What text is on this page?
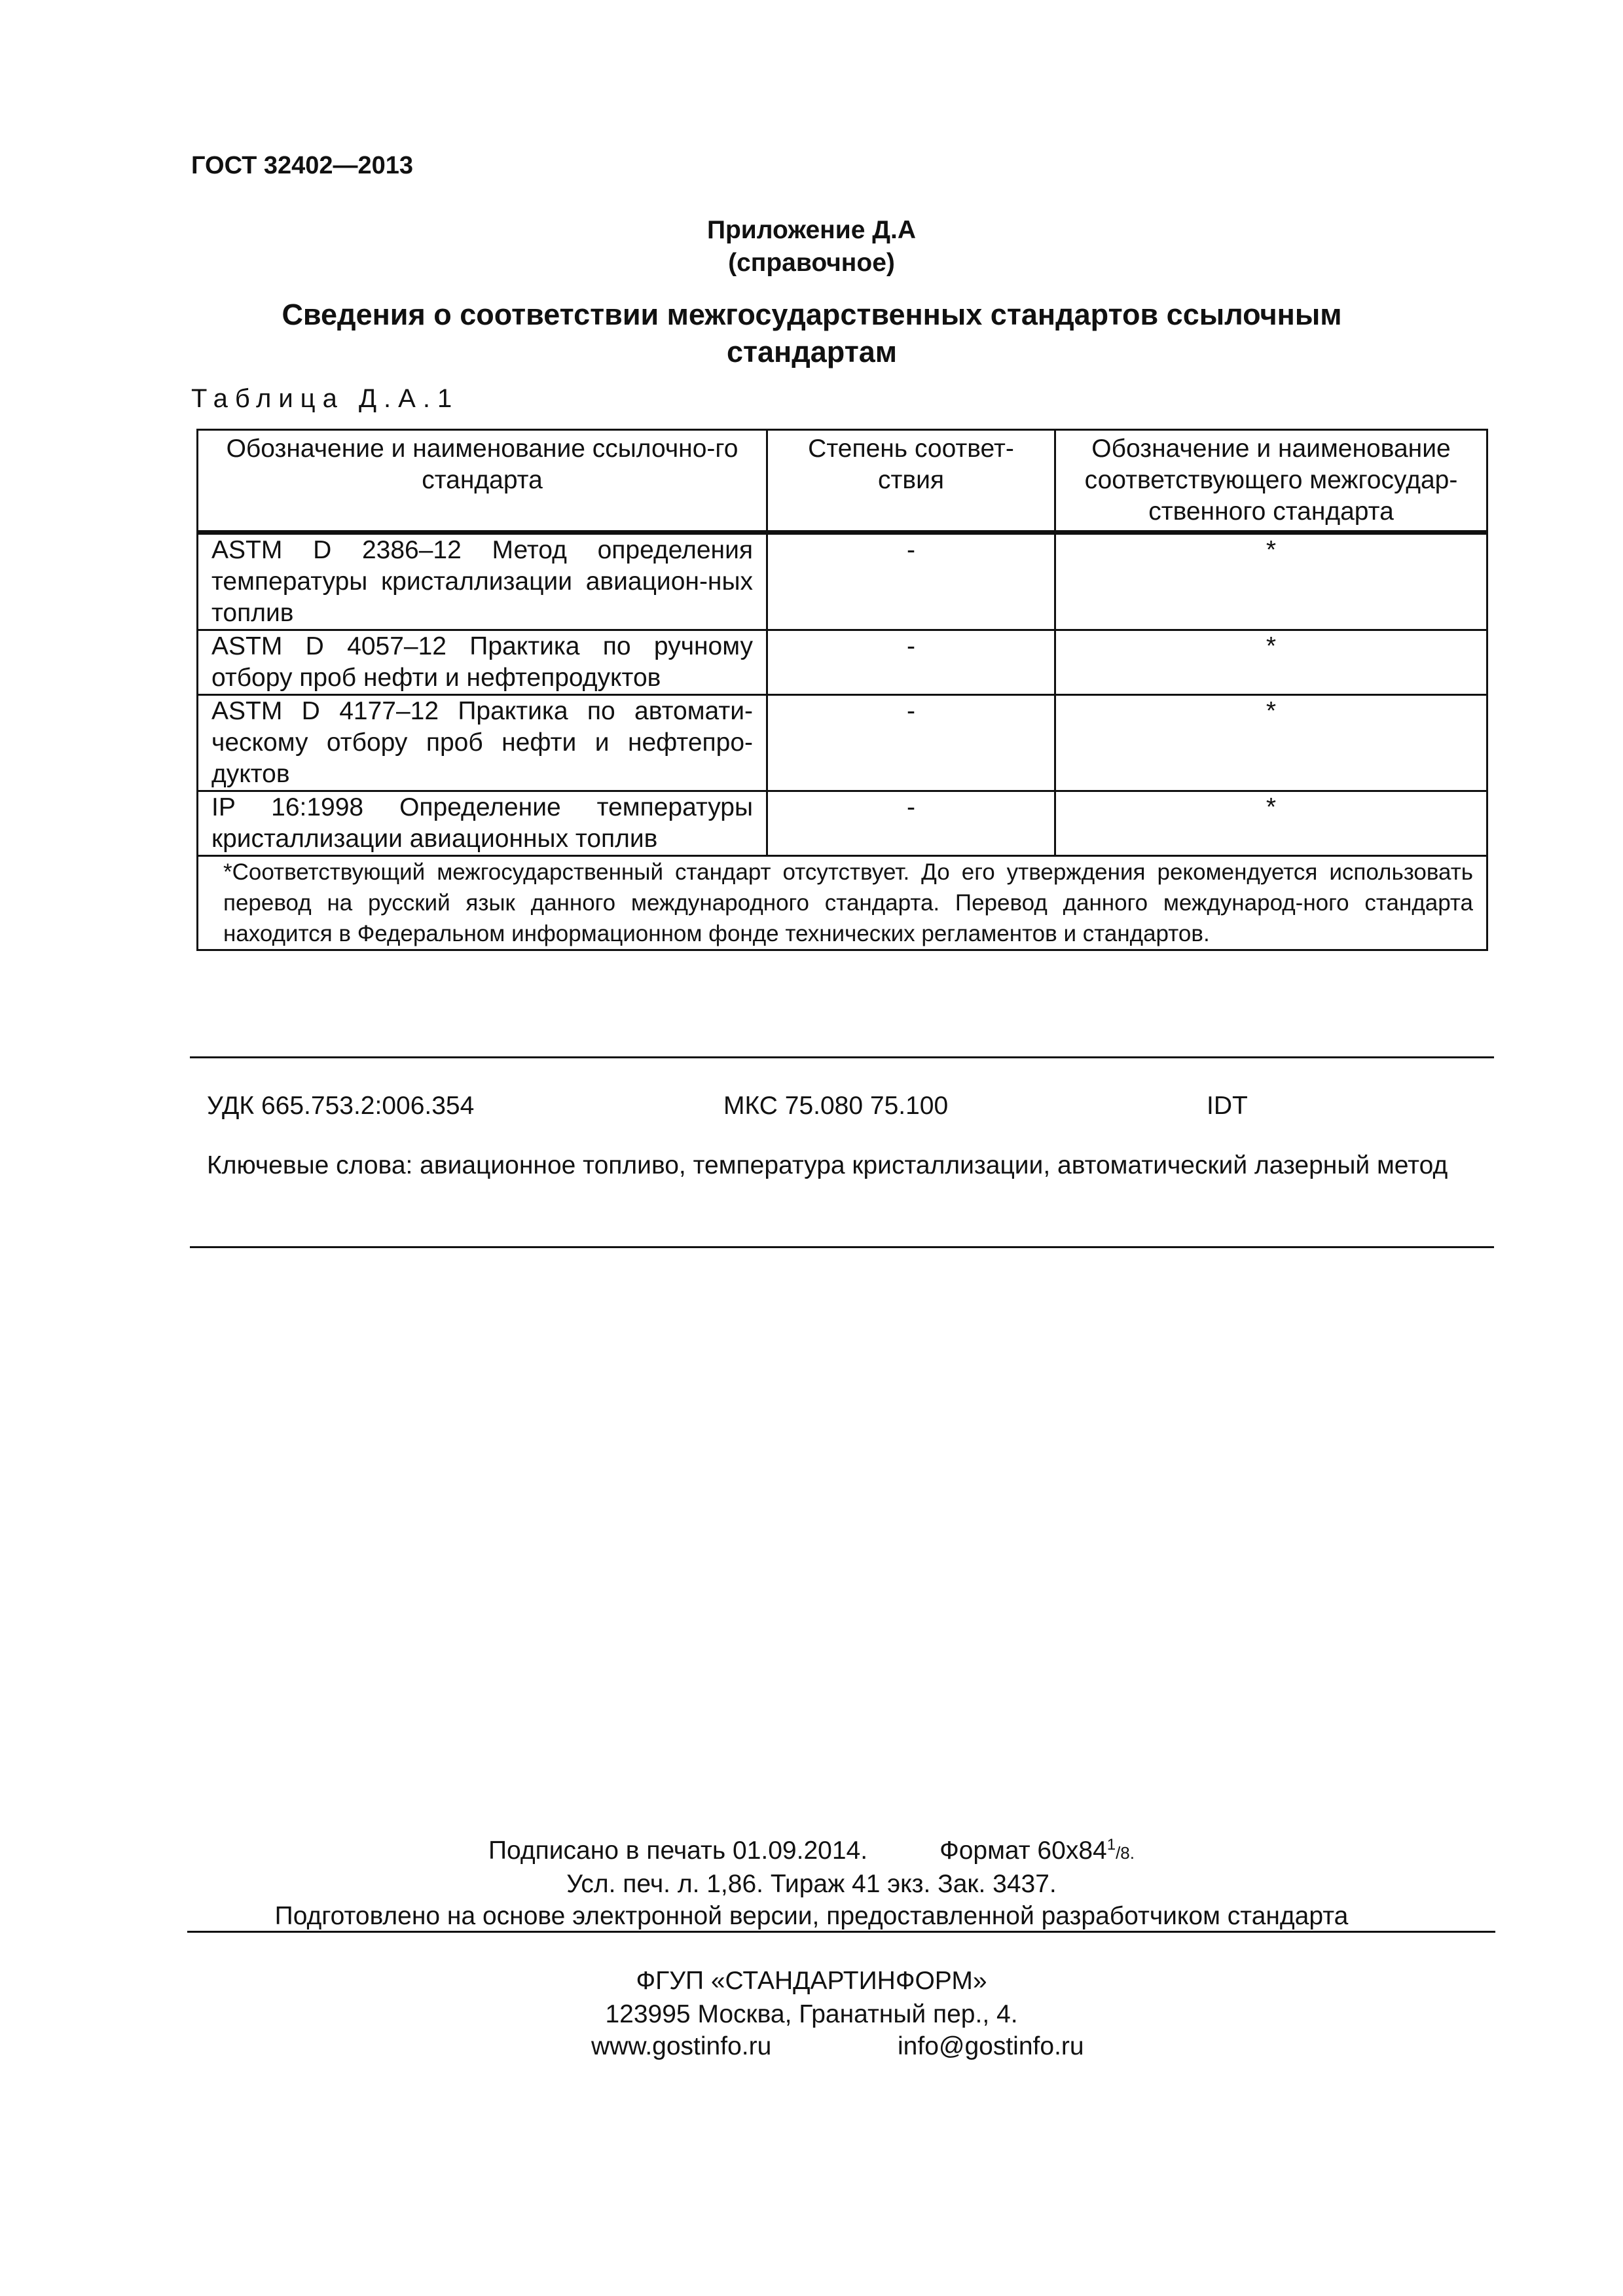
ГОСТ 32402—2013
Приложение Д.А
(справочное)
Сведения о соответствии межгосударственных стандартов ссылочным
стандартам
Таблица Д.А.1
Обозначение и наименование ссылочно-го стандарта	Степень соответ-ствия	Обозначение и наименование соответствующего межгосудар-ственного стандарта
ASTM D 2386–12 Метод определения температуры кристаллизации авиацион-ных топлив	-	*
ASTM D 4057–12 Практика по ручному отбору проб нефти и нефтепродуктов	-	*
ASTM D 4177–12 Практика по автомати-ческому отбору проб нефти и нефтепро-дуктов	-	*
IP 16:1998 Определение температуры кристаллизации авиационных топлив	-	*
*Соответствующий межгосударственный стандарт отсутствует. До его утверждения рекомендуется использовать перевод на русский язык данного международного стандарта. Перевод данного международ-ного стандарта находится в Федеральном информационном фонде технических регламентов и стандартов.		
УДК 665.753.2:006.354	МКС 75.080 75.100	IDT
Ключевые слова: авиационное топливо, температура кристаллизации, автоматический лазерный метод
Подписано в печать 01.09.2014.	Формат $60x84^1/8$.
Усл. печ. л. 1,86. Тираж 41 экз. Зак. 3437.
Подготовлено на основе электронной версии, предоставленной разработчиком стандарта
ФГУП «СТАНДАРТИНФОРМ»
123995 Москва, Гранатный пер., 4.
www.gostinfo.ru	info@gostinfo.ru
